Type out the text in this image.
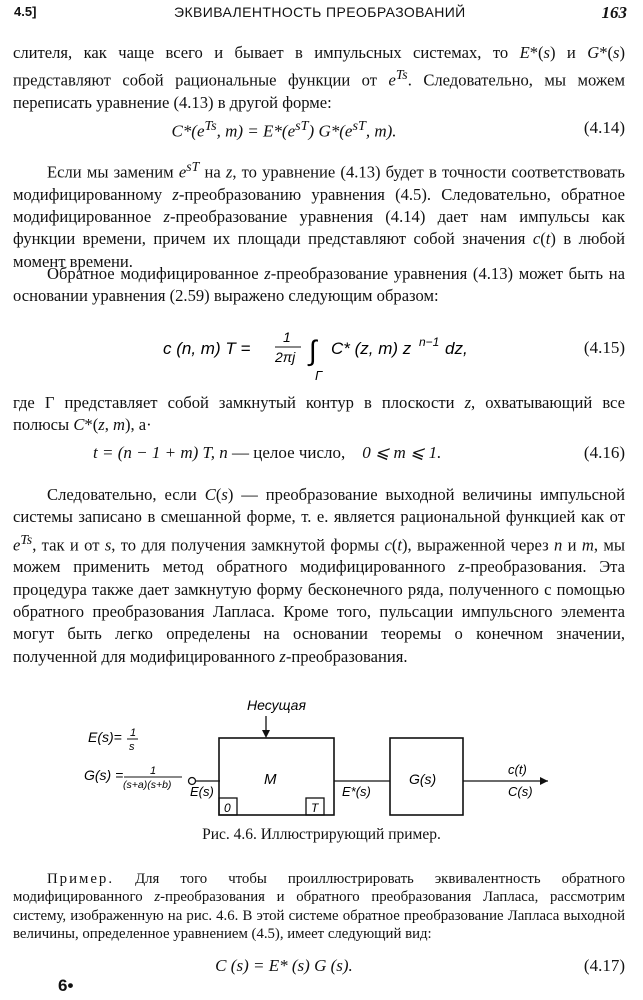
4.5]	ЭКВИВАЛЕНТНОСТЬ ПРЕОБРАЗОВАНИЙ	163
слителя, как чаще всего и бывает в импульсных системах, то E*(s) и G*(s) представляют собой рациональные функции от $e^{Ts}$. Следовательно, мы можем переписать уравнение (4.13) в другой форме:
$C*(e^{Ts}$, $m) = E*(e^{sT})$ $G*(e^{sT}$, m).	(4.14)
Если мы заменим $e^{sT}$ на z, то уравнение (4.13) будет в точности соответствовать модифицированному z-преобразованию уравнения (4.5). Следовательно, обратное модифицированное z-преобразование уравнения (4.14) дает нам импульсы как функции времени, причем их площади представляют собой значения c(t) в любой момент времени.
Обратное модифицированное z-преобразование уравнения (4.13) может быть на основании уравнения (2.59) выражено следующим образом:
c (n, m) T =
1
2πj ∫
Γ
C* (z, m) z n−1 dz,	(4.15)
где Γ представляет собой замкнутый контур в плоскости z, охватывающий все полюсы C*(z, m), а·
t = (n − 1 + m) T, n — целое число,    0 ⩽ m ⩽ 1.	(4.16)
Следовательно, если C(s) — преобразование выходной величины импульсной системы записано в смешанной форме, т. е. является рациональной функцией как от $e^{Ts}$, так и от s, то для получения замкнутой формы c(t), выраженной через n и m, мы можем применить метод обратного модифицированного z-преобразования. Эта процедура также дает замкнутую форму бесконечного ряда, полученного с помощью обратного преобразования Лапласа. Кроме того, пульсации импульсного элемента могут быть легко определены на основании теоремы о конечном значении, полученной для модифицированного z-преобразования.
Несущая
E(s)= 1
s
G(s) = 1
(s+a)(s+b) E(s)
M
0	T
E*(s)
G(s)
c(t)
C(s)
Рис. 4.6. Иллюстрирующий пример.
Пример. Для того чтобы проиллюстрировать эквивалентность обратного модифицированного z-преобразования и обратного преобразования Лапласа, рассмотрим систему, изображенную на рис. 4.6. В этой системе обратное преобразование Лапласа выходной величины, определенное уравнением (4.5), имеет следующий вид:
C (s) = E* (s) G (s).	(4.17)
6•
